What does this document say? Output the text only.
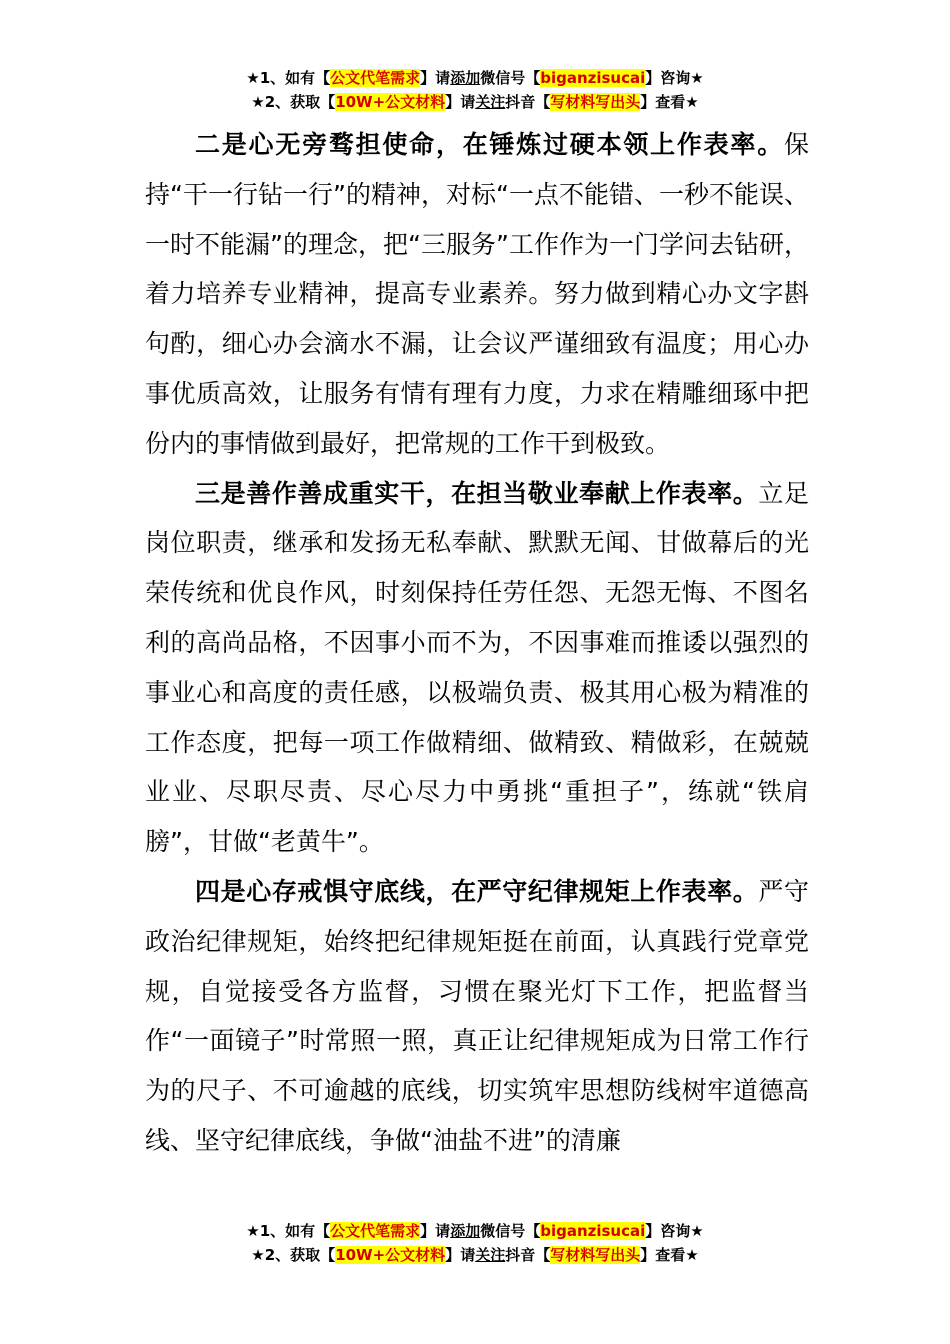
★1、如有【公文代笔需求】请添加微信号【biganzisucai】咨询★
★2、获取【10W+公文材料】请关注抖音【写材料写出头】查看★

二是心无旁骛担使命，在锤炼过硬本领上作表率。保持“干一行钻一行”的精神，对标“一点不能错、一秒不能误、一时不能漏”的理念，把“三服务”工作作为一门学问去钻研，着力培养专业精神，提高专业素养。努力做到精心办文字斟句酌，细心办会滴水不漏，让会议严谨细致有温度；用心办事优质高效，让服务有情有理有力度，力求在精雕细琢中把份内的事情做到最好，把常规的工作干到极致。

三是善作善成重实干，在担当敬业奉献上作表率。立足岗位职责，继承和发扬无私奉献、默默无闻、甘做幕后的光荣传统和优良作风，时刻保持任劳任怨、无怨无悔、不图名利的高尚品格，不因事小而不为，不因事难而推诿以强烈的事业心和高度的责任感，以极端负责、极其用心极为精准的工作态度，把每一项工作做精细、做精致、精做彩，在兢兢业业、尽职尽责、尽心尽力中勇挑“重担子”，练就“铁肩膀”，甘做“老黄牛”。

四是心存戒惧守底线，在严守纪律规矩上作表率。严守政治纪律规矩，始终把纪律规矩挺在前面，认真践行党章党规，自觉接受各方监督，习惯在聚光灯下工作，把监督当作“一面镜子”时常照一照，真正让纪律规矩成为日常工作行为的尺子、不可逾越的底线，切实筑牢思想防线树牢道德高线、坚守纪律底线，争做“油盐不进”的清廉

★1、如有【公文代笔需求】请添加微信号【biganzisucai】咨询★
★2、获取【10W+公文材料】请关注抖音【写材料写出头】查看★
